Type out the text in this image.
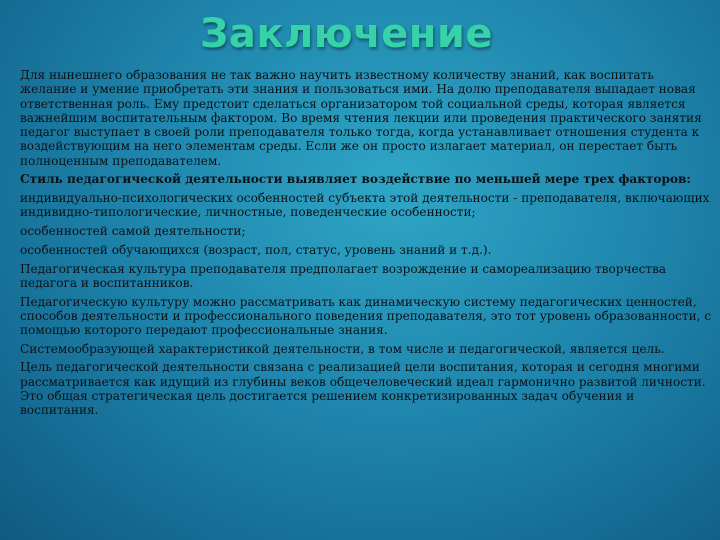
Заключение

Для нынешнего образования не так важно научить известному количеству знаний, как воспитать желание и умение приобретать эти знания и пользоваться ими. На долю преподавателя выпадает новая ответственная роль. Ему предстоит сделаться организатором той социальной среды, которая является важнейшим воспитательным фактором. Во время чтения лекции или проведения практического занятия педагог выступает в своей роли преподавателя только тогда, когда устанавливает отношения студента к воздействующим на него элементам среды. Если же он просто излагает материал, он перестает быть полноценным преподавателем.

Стиль педагогической деятельности выявляет воздействие по меньшей мере трех факторов:

индивидуально-психологических особенностей субъекта этой деятельности - преподавателя, включающих индивидно-типологические, личностные, поведенческие особенности;

особенностей самой деятельности;

особенностей обучающихся (возраст, пол, статус, уровень знаний и т.д.).

Педагогическая культура преподавателя предполагает возрождение и самореализацию творчества педагога и воспитанников.

Педагогическую культуру можно рассматривать как динамическую систему педагогических ценностей, способов деятельности и профессионального поведения преподавателя, это тот уровень образованности, с помощью которого передают профессиональные знания.

Системообразующей характеристикой деятельности, в том числе и педагогической, является цель.

Цель педагогической деятельности связана с реализацией цели воспитания, которая и сегодня многими рассматривается как идущий из глубины веков общечеловеческий идеал гармонично развитой личности. Это общая стратегическая цель достигается решением конкретизированных задач обучения и воспитания.
